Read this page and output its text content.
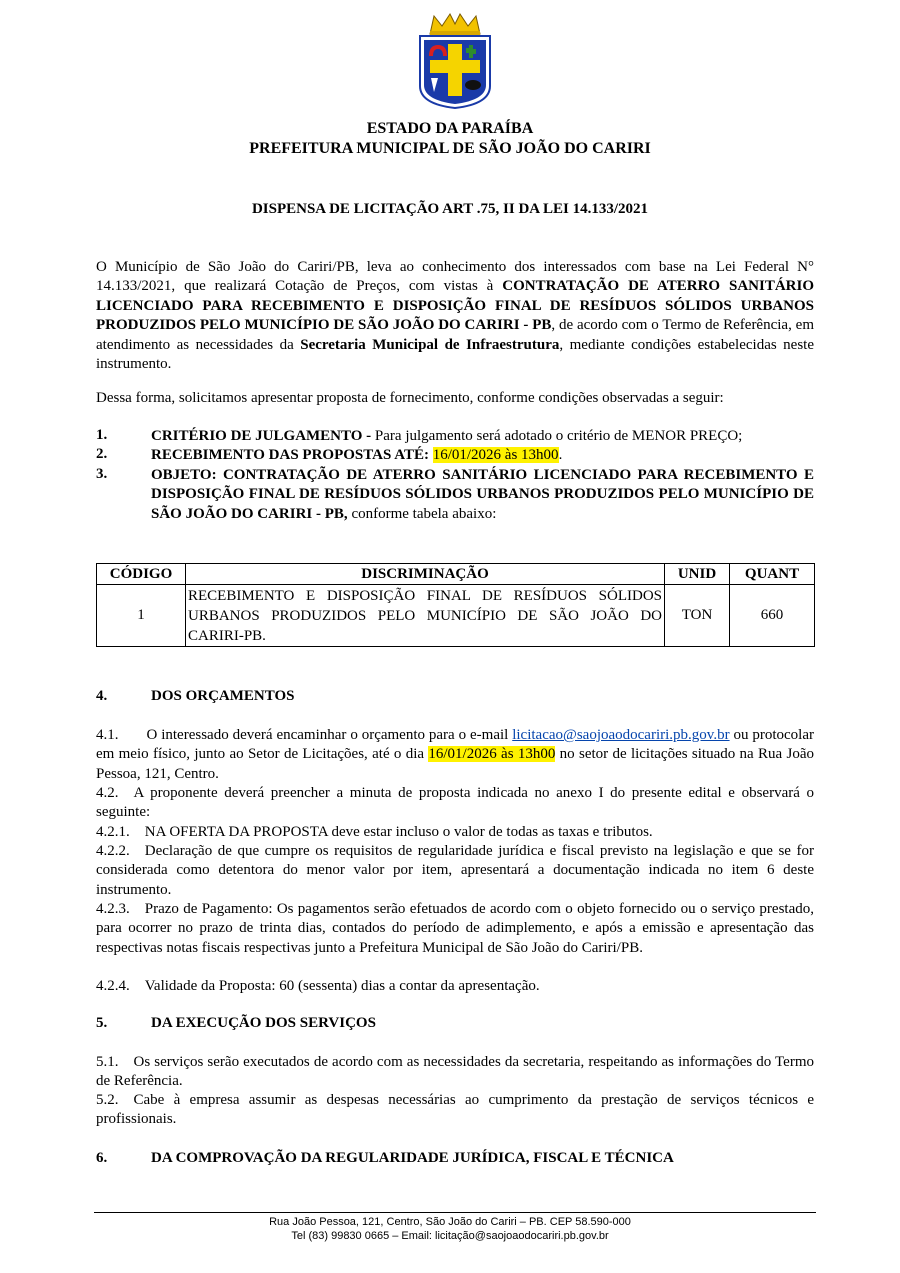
ESTADO DA PARAÍBA
PREFEITURA MUNICIPAL DE SÃO JOÃO DO CARIRI
DISPENSA DE LICITAÇÃO ART .75, II DA LEI 14.133/2021
O Município de São João do Cariri/PB, leva ao conhecimento dos interessados com base na Lei Federal N° 14.133/2021, que realizará Cotação de Preços, com vistas à CONTRATAÇÃO DE ATERRO SANITÁRIO LICENCIADO PARA RECEBIMENTO E DISPOSIÇÃO FINAL DE RESÍDUOS SÓLIDOS URBANOS PRODUZIDOS PELO MUNICÍPIO DE SÃO JOÃO DO CARIRI - PB, de acordo com o Termo de Referência, em atendimento as necessidades da Secretaria Municipal de Infraestrutura, mediante condições estabelecidas neste instrumento.
Dessa forma, solicitamos apresentar proposta de fornecimento, conforme condições observadas a seguir:
1.	CRITÉRIO DE JULGAMENTO - Para julgamento será adotado o critério de MENOR PREÇO;
2.	RECEBIMENTO DAS PROPOSTAS ATÉ: 16/01/2026 às 13h00.
3.	OBJETO: CONTRATAÇÃO DE ATERRO SANITÁRIO LICENCIADO PARA RECEBIMENTO E DISPOSIÇÃO FINAL DE RESÍDUOS SÓLIDOS URBANOS PRODUZIDOS PELO MUNICÍPIO DE SÃO JOÃO DO CARIRI - PB, conforme tabela abaixo:
CÓDIGO	DISCRIMINAÇÃO	UNID	QUANT
1	RECEBIMENTO E DISPOSIÇÃO FINAL DE RESÍDUOS SÓLIDOS URBANOS PRODUZIDOS PELO MUNICÍPIO DE SÃO JOÃO DO CARIRI-PB.	TON	660
4.	DOS ORÇAMENTOS
4.1. O interessado deverá encaminhar o orçamento para o e-mail licitacao@saojoaodocariri.pb.gov.br ou protocolar em meio físico, junto ao Setor de Licitações, até o dia 16/01/2026 às 13h00 no setor de licitações situado na Rua João Pessoa, 121, Centro.
4.2. A proponente deverá preencher a minuta de proposta indicada no anexo I do presente edital e observará o seguinte:
4.2.1. NA OFERTA DA PROPOSTA deve estar incluso o valor de todas as taxas e tributos.
4.2.2. Declaração de que cumpre os requisitos de regularidade jurídica e fiscal previsto na legislação e que se for considerada como detentora do menor valor por item, apresentará a documentação indicada no item 6 deste instrumento.
4.2.3. Prazo de Pagamento: Os pagamentos serão efetuados de acordo com o objeto fornecido ou o serviço prestado, para ocorrer no prazo de trinta dias, contados do período de adimplemento, e após a emissão e apresentação das respectivas notas fiscais respectivas junto a Prefeitura Municipal de São João do Cariri/PB.
4.2.4. Validade da Proposta: 60 (sessenta) dias a contar da apresentação.
5.	DA EXECUÇÃO DOS SERVIÇOS
5.1. Os serviços serão executados de acordo com as necessidades da secretaria, respeitando as informações do Termo de Referência.
5.2. Cabe à empresa assumir as despesas necessárias ao cumprimento da prestação de serviços técnicos e profissionais.
6.	DA COMPROVAÇÃO DA REGULARIDADE JURÍDICA, FISCAL E TÉCNICA
Rua João Pessoa, 121, Centro, São João do Cariri – PB. CEP 58.590-000
Tel (83) 99830 0665 – Email: licitação@saojoaodocariri.pb.gov.br
